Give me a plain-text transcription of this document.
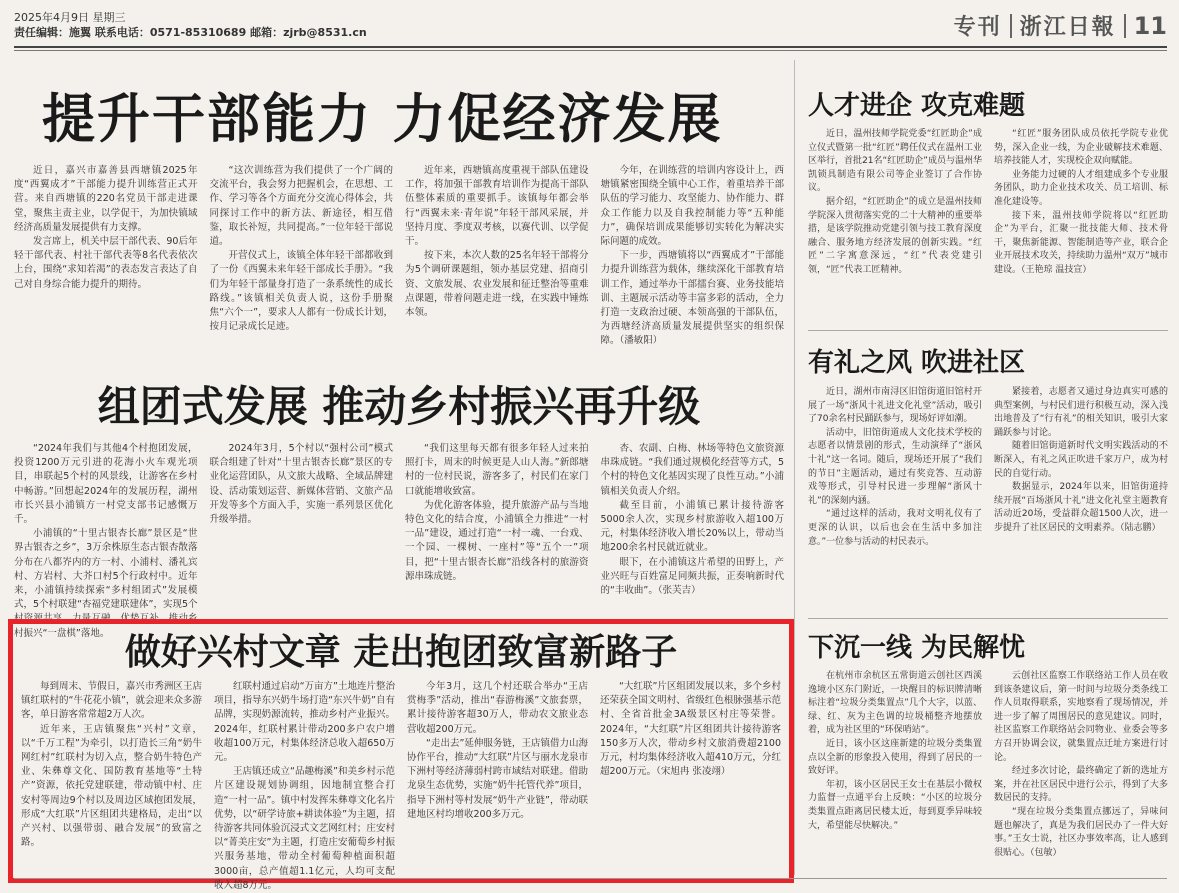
2025年4月9日 星期三
责任编辑：施翼 联系电话：0571-85310689 邮箱：zjrb@8531.cn	专刊 浙江日報 11
提升干部能力 力促经济发展

近日，嘉兴市嘉善县西塘镇2025年度“西翼成才”干部能力提升训练营正式开营。来自西塘镇的220名党员干部走进课堂，聚焦主责主业，以学促干，为加快镇域经济高质量发展提供有力支撑。

发言席上，机关中层干部代表、90后年轻干部代表、村社干部代表等8名代表依次上台，围绕“求知若渴”的表态发言表达了自己对自身综合能力提升的期待。

“这次训练营为我们提供了一个广阔的交流平台，我会努力把握机会，在思想、工作、学习等各个方面充分交流心得体会，共同探讨工作中的新方法、新途径，相互借鉴，取长补短，共同提高。”一位年轻干部说道。

开营仪式上，该镇全体年轻干部都收到了一份《西翼未来年轻干部成长手册》。“我们为年轻干部量身打造了一条系统性的成长路线。”该镇相关负责人说，这份手册聚焦“六个一”，要求人人都有一份成长计划，按月记录成长足迹。

近年来，西塘镇高度重视干部队伍建设工作，将加强干部教育培训作为提高干部队伍整体素质的重要抓手。该镇每年都会举行“西翼未来·青年说”年轻干部风采展，并坚持月度、季度双考核，以赛代训、以学促干。

按下来，本次人数的25名年轻干部将分为5个调研课题组，领办基层党建、招商引资、文旅发展、农业发展和征迁整治等重难点课题，带着问题走进一线，在实践中锤炼本领。

今年，在训练营的培训内容设计上，西塘镇紧密围绕全镇中心工作，着重培养干部队伍的学习能力、攻坚能力、协作能力、群众工作能力以及自我控制能力等“五种能力”，确保培训成果能够切实转化为解决实际问题的成效。

下一步，西塘镇将以“西翼成才”干部能力提升训练营为载体，继续深化干部教育培训工作，通过举办干部擂台赛、业务技能培训、主题展示活动等丰富多彩的活动，全力打造一支政治过硬、本领高强的干部队伍，为西塘经济高质量发展提供坚实的组织保障。（潘敏阳）

组团式发展 推动乡村振兴再升级

“2024年我们与其他4个村抱团发展，投资1200万元引进的花海小火车观光项目，串联起5个村的风景线，让游客在乡村中畅游。”回想起2024年的发展历程，湖州市长兴县小浦镇方一村党支部书记感慨万千。

小浦镇的“十里古银杏长廊”景区是“世界古银杏之乡”，3万余株原生态古银杏散落分布在八都岕内的方一村、小浦村、潘礼宾村、方岩村、大芥口村5个行政村中。近年来，小浦镇持续探索“多村组团式”发展模式，5个村联建“杏福党建联建体”，实现5个村资源共享、力量互融、优势互补，推动乡村振兴“一盘棋”落地。

2024年3月，5个村以“强村公司”模式联合组建了针对“十里古银杏长廊”景区的专业化运营团队，从文旅大战略、全域品牌建设、活动策划运营、新媒体营销、文旅产品开发等多个方面入手，实施一系列景区优化升级举措。

“我们这里每天都有很多年轻人过来拍照打卡，周末的时候更是人山人海。”新郎塘村的一位村民说，游客多了，村民们在家门口就能增收致富。

为优化游客体验，提升旅游产品与当地特色文化的结合度，小浦镇全力推进“一村一品”建设，通过打造“一村一魂、一台戏、一个园、一棵树、一座村”等“五个一”项目，把“十里古银杏长廊”沿线各村的旅游资源串珠成链。

杏、农副、白梅、林场等特色文旅资源串珠成链。“我们通过规模化经营等方式，5个村的特色文化基因实现了良性互动。”小浦镇相关负责人介绍。

截至目前，小浦镇已累计接待游客5000余人次，实现乡村旅游收入超100万元，村集体经济收入增长20%以上，带动当地200余名村民就近就业。

眼下，在小浦镇这片希望的田野上，产业兴旺与百姓富足同频共振，正奏响新时代的“丰收曲”。（张芙吉）

做好兴村文章 走出抱团致富新路子

每到周末、节假日，嘉兴市秀洲区王店镇红联村的“牛花花小镇”，就会迎来众多游客，单日游客常常超2万人次。

近年来，王店镇聚焦“兴村”文章，以“千万工程”为牵引，以打造长三角“奶牛网红村”红联村为切入点，整合奶牛特色产业、朱彝尊文化、国防教育基地等“土特产”资源，依托党建联建，带动镇中村、庄安村等周边9个村以及周边区域抱团发展，形成“大红联”片区组团共建格局，走出“以产兴村、以强带弱、融合发展”的致富之路。

红联村通过启动“万亩方”土地连片整治项目，指导东兴奶牛场打造“东兴牛奶”自有品牌，实现奶源流转，推动乡村产业振兴。2024年，红联村累计带动200多户农户增收超100万元，村集体经济总收入超650万元。

王店镇还成立“品趣梅溪”和美乡村示范片区建设规划协调组，因地制宜整合打造“一村一品”。镇中村发挥朱彝尊文化名片优势，以“研学诗旅+耕读体验”为主题，招待游客共同体验沉浸式文艺网红村；庄安村以“菁美庄安”为主题，打造庄安葡萄乡村振兴服务基地，带动全村葡萄种植面积超3000亩，总产值超1.1亿元，人均可支配收入超8万元。

今年3月，这几个村还联合举办“王店赏梅季”活动，推出“春游梅溪”文旅套票，累计接待游客超30万人，带动农文旅业态营收超200万元。

“走出去”延伸服务链，王店镇借力山海协作平台，推动“大红联”片区与丽水龙泉市下洲村等经济薄弱村跨市域结对联建。借助龙泉生态优势，实施“奶牛托管代养”项目，指导下洲村等村发展“奶牛产业链”，带动联建地区村均增收200多万元。

“大红联”片区组团发展以来，多个乡村还荣获全国文明村、省级红色根脉强基示范村、全省首批金3A级景区村庄等荣誉。2024年，“大红联”片区组团共计接待游客150多万人次，带动乡村文旅消费超2100万元，村均集体经济收入超410万元，分红超200万元。（宋旭冉 张凌翊）

人才进企 攻克难题

近日，温州技师学院党委“红匠助企”成立仪式暨第一批“红匠”聘任仪式在温州工业区举行，首批21名“红匠助企”成员与温州华凯锁具制造有限公司等企业签订了合作协议。

据介绍，“红匠助企”的成立是温州技师学院深入贯彻落实党的二十大精神的重要举措，是该学院推动党建引领与技工教育深度融合、服务地方经济发展的创新实践。“红匠”二字寓意深远，“红”代表党建引领，“匠”代表工匠精神。

“红匠”服务团队成员依托学院专业优势，深入企业一线，为企业破解技术难题、培养技能人才，实现校企双向赋能。

业务能力过硬的人才组建成多个专业服务团队，助力企业技术攻关、员工培训、标准化建设等。

接下来，温州技师学院将以“红匠助企”为平台，汇聚一批技能大师、技术骨干，聚焦新能源、智能制造等产业，联合企业开展技术攻关，持续助力温州“双万”城市建设。（王艳琼 温技宣）

有礼之风 吹进社区

近日，湖州市南浔区旧馆街道旧馆村开展了一场“浙风十礼进文化礼堂”活动，吸引了70余名村民踊跃参与，现场好评如潮。

活动中，旧馆街道成人文化技术学校的志愿者以情景剧的形式，生动演绎了“浙风十礼”这一名词。随后，现场还开展了“我们的节日”主题活动，通过有奖竞答、互动游戏等形式，引导村民进一步理解“浙风十礼”的深刻内涵。

“通过这样的活动，我对文明礼仪有了更深的认识，以后也会在生活中多加注意。”一位参与活动的村民表示。

紧接着，志愿者又通过身边真实可感的典型案例，与村民们进行积极互动，深入浅出地普及了“行有礼”的相关知识，吸引大家踊跃参与讨论。

随着旧馆街道新时代文明实践活动的不断深入，有礼之风正吹进千家万户，成为村民的自觉行动。

数据显示，2024年以来，旧馆街道持续开展“百场浙风十礼”进文化礼堂主题教育活动近20场，受益群众超1500人次，进一步提升了社区居民的文明素养。（陆志鹏）

下沉一线 为民解忧

在杭州市余杭区五常街道云创社区西溪逸境小区东门附近，一块醒目的标识牌清晰标注着“垃圾分类集置点”几个大字，以蓝、绿、红、灰为主色调的垃圾桶整齐地摆放着，成为社区里的“环保哨站”。

近日，该小区这座新建的垃圾分类集置点以全新的形象投入使用，得到了居民的一致好评。

年初，该小区居民王女士在基层小微权力监督一点通平台上反映：“小区的垃圾分类集置点距离居民楼太近，每到夏季异味较大，希望能尽快解决。”

云创社区监察工作联络站工作人员在收到该条建议后，第一时间与垃圾分类条线工作人员取得联系，实地察看了现场情况，并进一步了解了周围居民的意见建议。同时，社区监察工作联络站会同物业、业委会等多方召开协调会议，就集置点迁址方案进行讨论。

经过多次讨论，最终确定了新的选址方案，并在社区居民中进行公示，得到了大多数居民的支持。

“现在垃圾分类集置点挪远了，异味问题也解决了，真是为我们居民办了一件大好事。”王女士说，社区办事效率高，让人感到很贴心。（包敏）
